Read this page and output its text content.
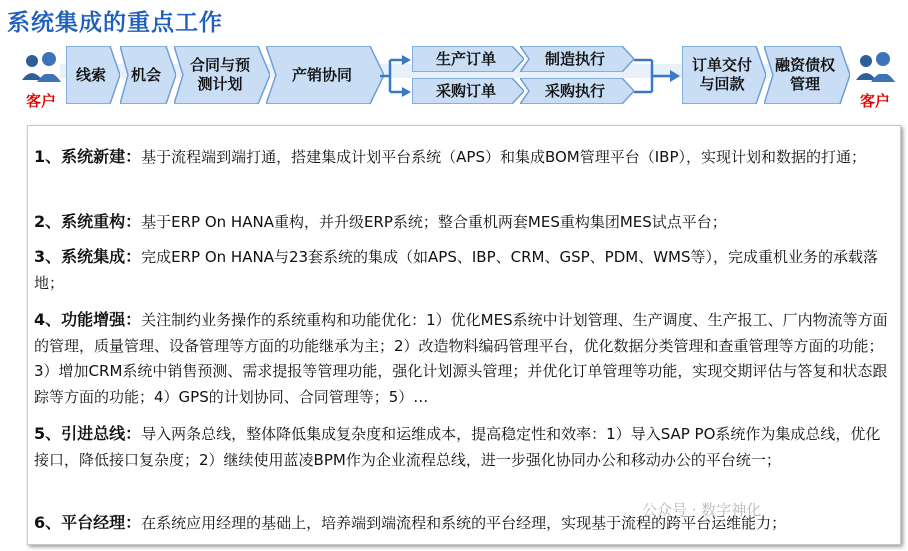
系统集成的重点工作
客户
线索 机会
合同与预
测计划
产销协同
生产订单	制造执行
采购订单	采购执行
订单交付
与回款
融资债权
管理
客户
1、系统新建：基于流程端到端打通，搭建集成计划平台系统（APS）和集成BOM管理平台（IBP），实现计划和数据的打通；
2、系统重构：基于ERP On HANA重构，并升级ERP系统；整合重机两套MES重构集团MES试点平台；
3、系统集成：完成ERP On HANA与23套系统的集成（如APS、IBP、CRM、GSP、PDM、WMS等），完成重机业务的承载落地；
4、功能增强：关注制约业务操作的系统重构和功能优化：1）优化MES系统中计划管理、生产调度、生产报工、厂内物流等方面的管理，质量管理、设备管理等方面的功能继承为主；2）改造物料编码管理平台，优化数据分类管理和查重管理等方面的功能；3）增加CRM系统中销售预测、需求提报等管理功能，强化计划源头管理；并优化订单管理等功能，实现交期评估与答复和状态跟踪等方面的功能；4）GPS的计划协同、合同管理等；5）…
5、引进总线：导入两条总线，整体降低集成复杂度和运维成本，提高稳定性和效率：1）导入SAP PO系统作为集成总线，优化接口，降低接口复杂度；2）继续使用蓝凌BPM作为企业流程总线，进一步强化协同办公和移动办公的平台统一；
6、平台经理：在系统应用经理的基础上，培养端到端流程和系统的平台经理，实现基于流程的跨平台运维能力；
公众号 · 数字神化
